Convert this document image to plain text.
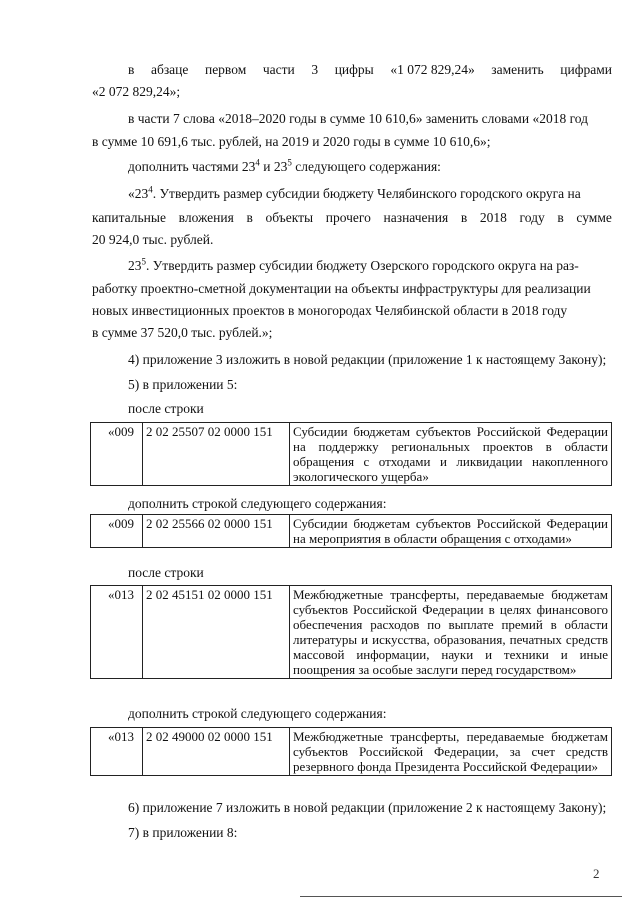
в абзаце первом части 3 цифры «1 072 829,24» заменить цифрами
«2 072 829,24»;
в части 7 слова «2018–2020 годы в сумме 10 610,6» заменить словами «2018 год
в сумме 10 691,6 тыс. рублей, на 2019 и 2020 годы в сумме 10 610,6»;
дополнить частями $23^4$ и $23^5$ следующего содержания:
«$23^4$. Утвердить размер субсидии бюджету Челябинского городского округа на
капитальные вложения в объекты прочего назначения в 2018 году в сумме
20 924,0 тыс. рублей.
$23^5$. Утвердить размер субсидии бюджету Озерского городского округа на раз-
работку проектно-сметной документации на объекты инфраструктуры для реализации
новых инвестиционных проектов в моногородах Челябинской области в 2018 году
в сумме 37 520,0 тыс. рублей.»;
4) приложение 3 изложить в новой редакции (приложение 1 к настоящему Закону);
5) в приложении 5:
после строки
«009	2 02 25507 02 0000 151	Субсидии бюджетам субъектов Российской Федерации на поддержку региональных проектов в области обращения с отходами и ликвидации накопленного экологического ущерба»
дополнить строкой следующего содержания:
«009	2 02 25566 02 0000 151	Субсидии бюджетам субъектов Российской Федерации на мероприятия в области обращения с отходами»
после строки
«013	2 02 45151 02 0000 151	Межбюджетные трансферты, передаваемые бюджетам субъектов Российской Федерации в целях финансового обеспечения расходов по выплате премий в области литературы и искусства, образования, печатных средств массовой информации, науки и техники и иные поощрения за особые заслуги перед государством»
дополнить строкой следующего содержания:
«013	2 02 49000 02 0000 151	Межбюджетные трансферты, передаваемые бюджетам субъектов Российской Федерации, за счет средств резервного фонда Президента Российской Федерации»
6) приложение 7 изложить в новой редакции (приложение 2 к настоящему Закону);
7) в приложении 8:
2
